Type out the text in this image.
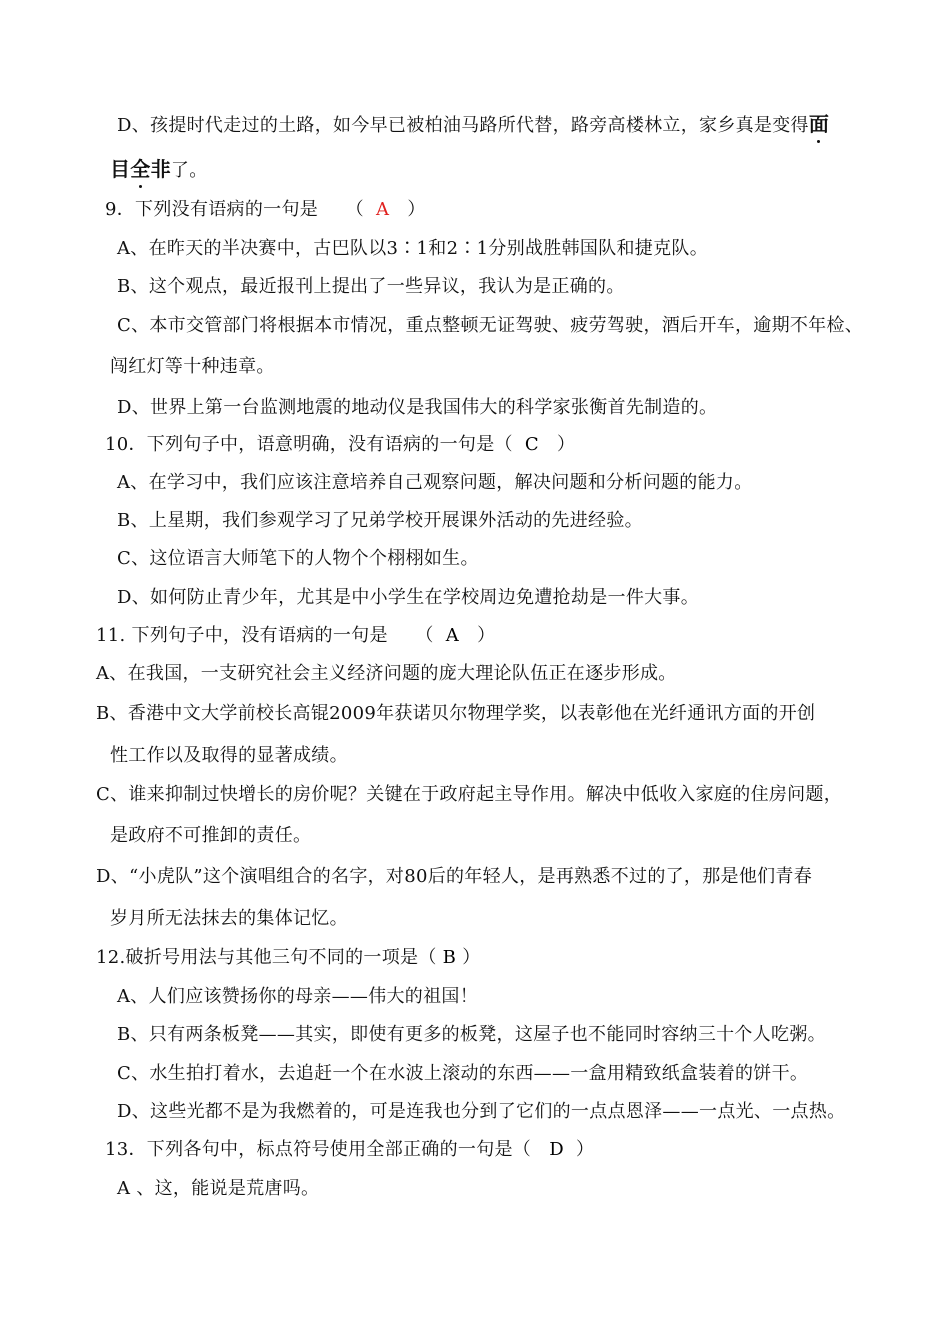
D、孩提时代走过的土路，如今早已被柏油马路所代替，路旁高楼林立，家乡真是变得面
目全非了。
9．下列没有语病的一句是　　（ A ）
A、在昨天的半决赛中，古巴队以3∶1和2∶1分别战胜韩国队和捷克队。
B、这个观点，最近报刊上提出了一些异议，我认为是正确的。
C、本市交管部门将根据本市情况，重点整顿无证驾驶、疲劳驾驶，酒后开车，逾期不年检、
闯红灯等十种违章。
D、世界上第一台监测地震的地动仪是我国伟大的科学家张衡首先制造的。
10．下列句子中，语意明确，没有语病的一句是（ C ）
A、在学习中，我们应该注意培养自己观察问题，解决问题和分析问题的能力。
B、上星期，我们参观学习了兄弟学校开展课外活动的先进经验。
C、这位语言大师笔下的人物个个栩栩如生。
D、如何防止青少年，尤其是中小学生在学校周边免遭抢劫是一件大事。
11. 下列句子中，没有语病的一句是　　（ A ）
A、在我国，一支研究社会主义经济问题的庞大理论队伍正在逐步形成。
B、香港中文大学前校长高锟2009年获诺贝尔物理学奖，以表彰他在光纤通讯方面的开创
性工作以及取得的显著成绩。
C、谁来抑制过快增长的房价呢？关键在于政府起主导作用。解决中低收入家庭的住房问题，
是政府不可推卸的责任。
D、“小虎队”这个演唱组合的名字，对80后的年轻人，是再熟悉不过的了，那是他们青春
岁月所无法抹去的集体记忆。
12.破折号用法与其他三句不同的一项是（ B ）
A、人们应该赞扬你的母亲——伟大的祖国！
B、只有两条板凳——其实，即使有更多的板凳，这屋子也不能同时容纳三十个人吃粥。
C、水生拍打着水，去追赶一个在水波上滚动的东西——一盒用精致纸盒装着的饼干。
D、这些光都不是为我燃着的，可是连我也分到了它们的一点点恩泽——一点光、一点热。
13．下列各句中，标点符号使用全部正确的一句是（ D ）
A 、这，能说是荒唐吗。
